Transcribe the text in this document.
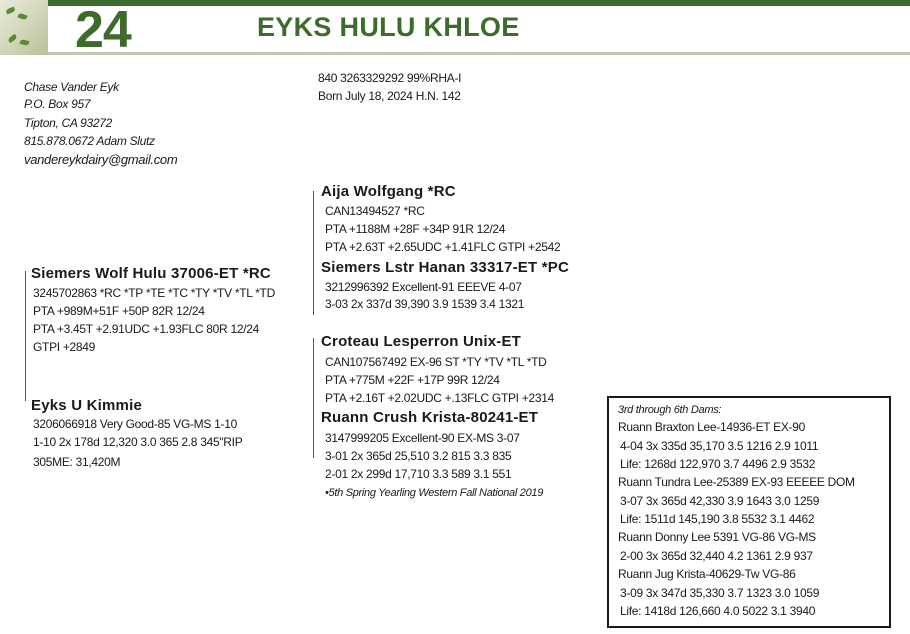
24	EYKS HULU KHLOE
Chase Vander Eyk
P.O. Box 957
Tipton, CA 93272
815.878.0672 Adam Slutz
vandereykdairy@gmail.com
840 3263329292 99%RHA-I
Born July 18, 2024 H.N. 142
Aija Wolfgang *RC
CAN13494527 *RC
PTA +1188M +28F +34P 91R 12/24
PTA +2.63T +2.65UDC +1.41FLC GTPI +2542
Siemers Lstr Hanan 33317-ET *PC
3212996392 Excellent-91 EEEVE 4-07
3-03 2x 337d 39,390 3.9 1539 3.4 1321
Siemers Wolf Hulu 37006-ET *RC
3245702863 *RC *TP *TE *TC *TY *TV *TL *TD
PTA +989M+51F +50P 82R 12/24
PTA +3.45T +2.91UDC +1.93FLC 80R 12/24
GTPI +2849	Croteau Lesperron Unix-ET
CAN107567492 EX-96 ST *TY *TV *TL *TD
PTA +775M +22F +17P 99R 12/24
PTA +2.16T +2.02UDC +.13FLC GTPI +2314
Ruann Crush Krista-80241-ET
3147999205 Excellent-90 EX-MS 3-07
3-01 2x 365d 25,510 3.2 815 3.3 835
2-01 2x 299d 17,710 3.3 589 3.1 551
•5th Spring Yearling Western Fall National 2019
Eyks U Kimmie
3206066918 Very Good-85 VG-MS 1-10
1-10 2x 178d 12,320 3.0 365 2.8 345"RIP
305ME: 31,420M
3rd through 6th Dams:
Ruann Braxton Lee-14936-ET EX-90
4-04 3x 335d 35,170 3.5 1216 2.9 1011
Life: 1268d 122,970 3.7 4496 2.9 3532
Ruann Tundra Lee-25389 EX-93 EEEEE DOM
3-07 3x 365d 42,330 3.9 1643 3.0 1259
Life: 1511d 145,190 3.8 5532 3.1 4462
Ruann Donny Lee 5391 VG-86 VG-MS
2-00 3x 365d 32,440 4.2 1361 2.9 937
Ruann Jug Krista-40629-Tw VG-86
3-09 3x 347d 35,330 3.7 1323 3.0 1059
Life: 1418d 126,660 4.0 5022 3.1 3940
